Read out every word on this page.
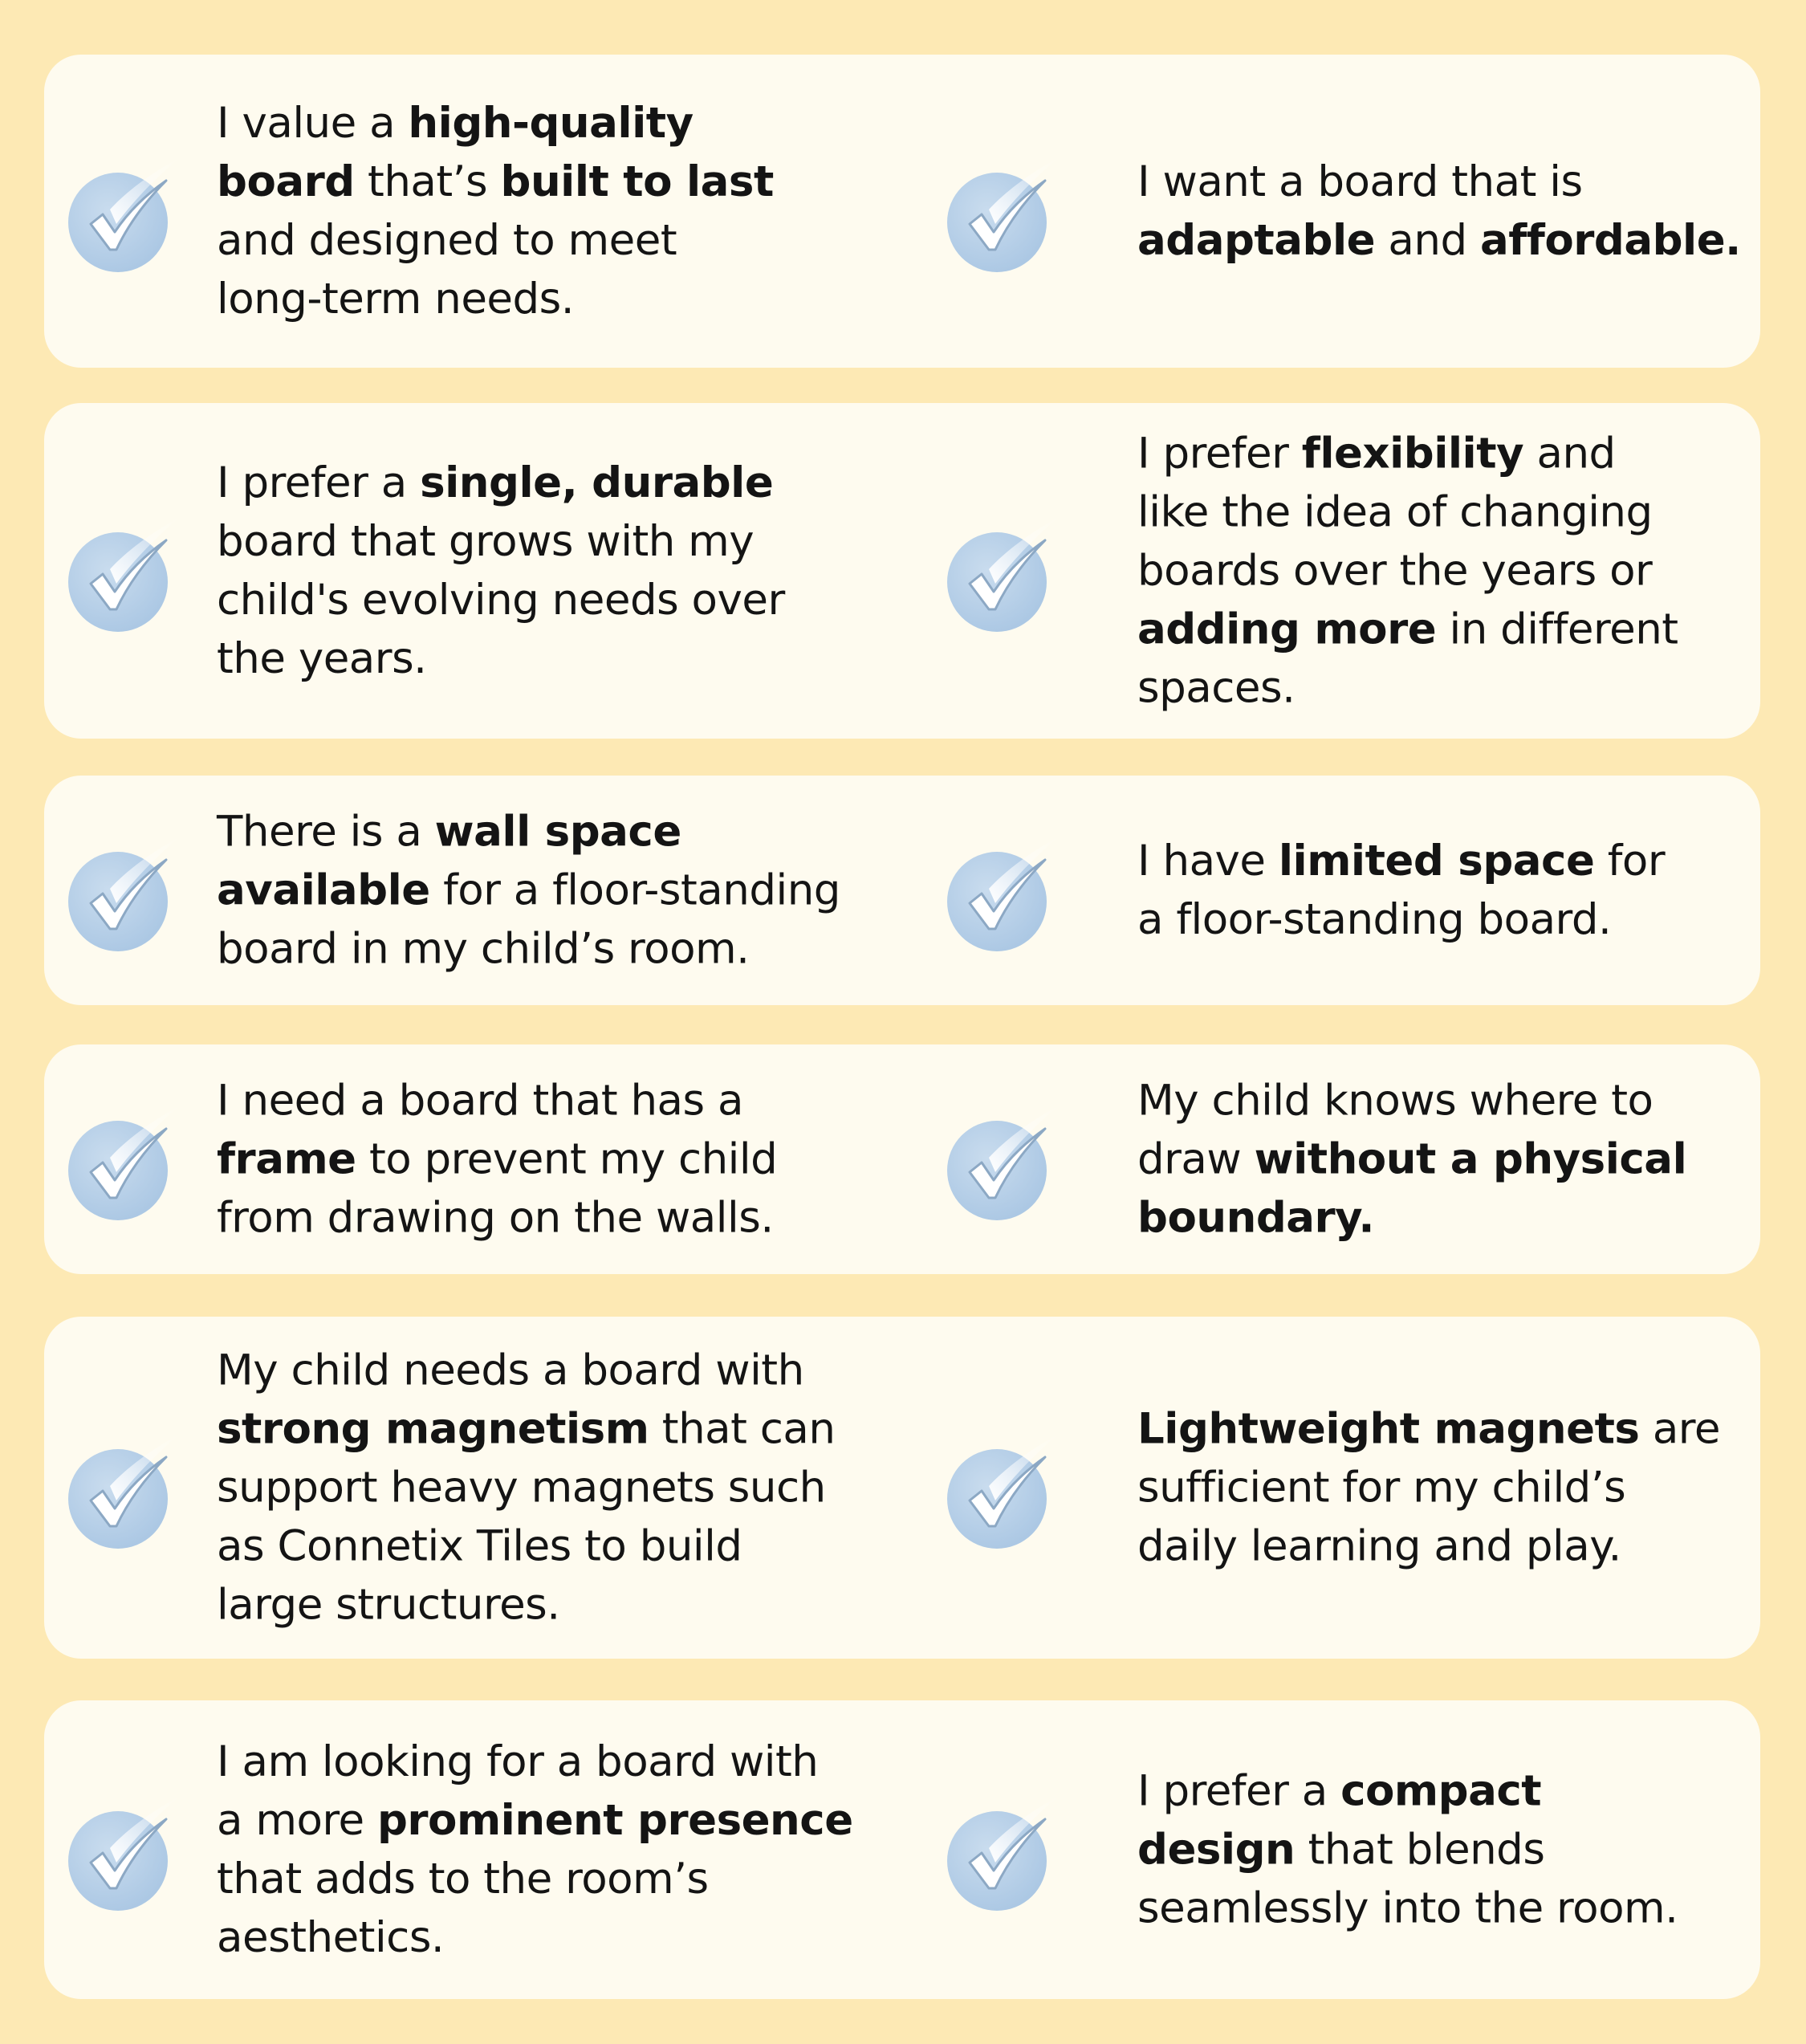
I value a high-quality
board that’s built to last
and designed to meet
long-term needs.
I want a board that is
adaptable and affordable.
I prefer a single, durable
board that grows with my
child's evolving needs over
the years.
I prefer flexibility and
like the idea of changing
boards over the years or
adding more in different
spaces.
There is a wall space
available for a floor-standing
board in my child’s room.
I have limited space for
a floor-standing board.
I need a board that has a
frame to prevent my child
from drawing on the walls.
My child knows where to
draw without a physical
boundary.
My child needs a board with
strong magnetism that can
support heavy magnets such
as Connetix Tiles to build
large structures.
Lightweight magnets are
sufficient for my child’s
daily learning and play.
I am looking for a board with
a more prominent presence
that adds to the room’s
aesthetics.
I prefer a compact
design that blends
seamlessly into the room.
